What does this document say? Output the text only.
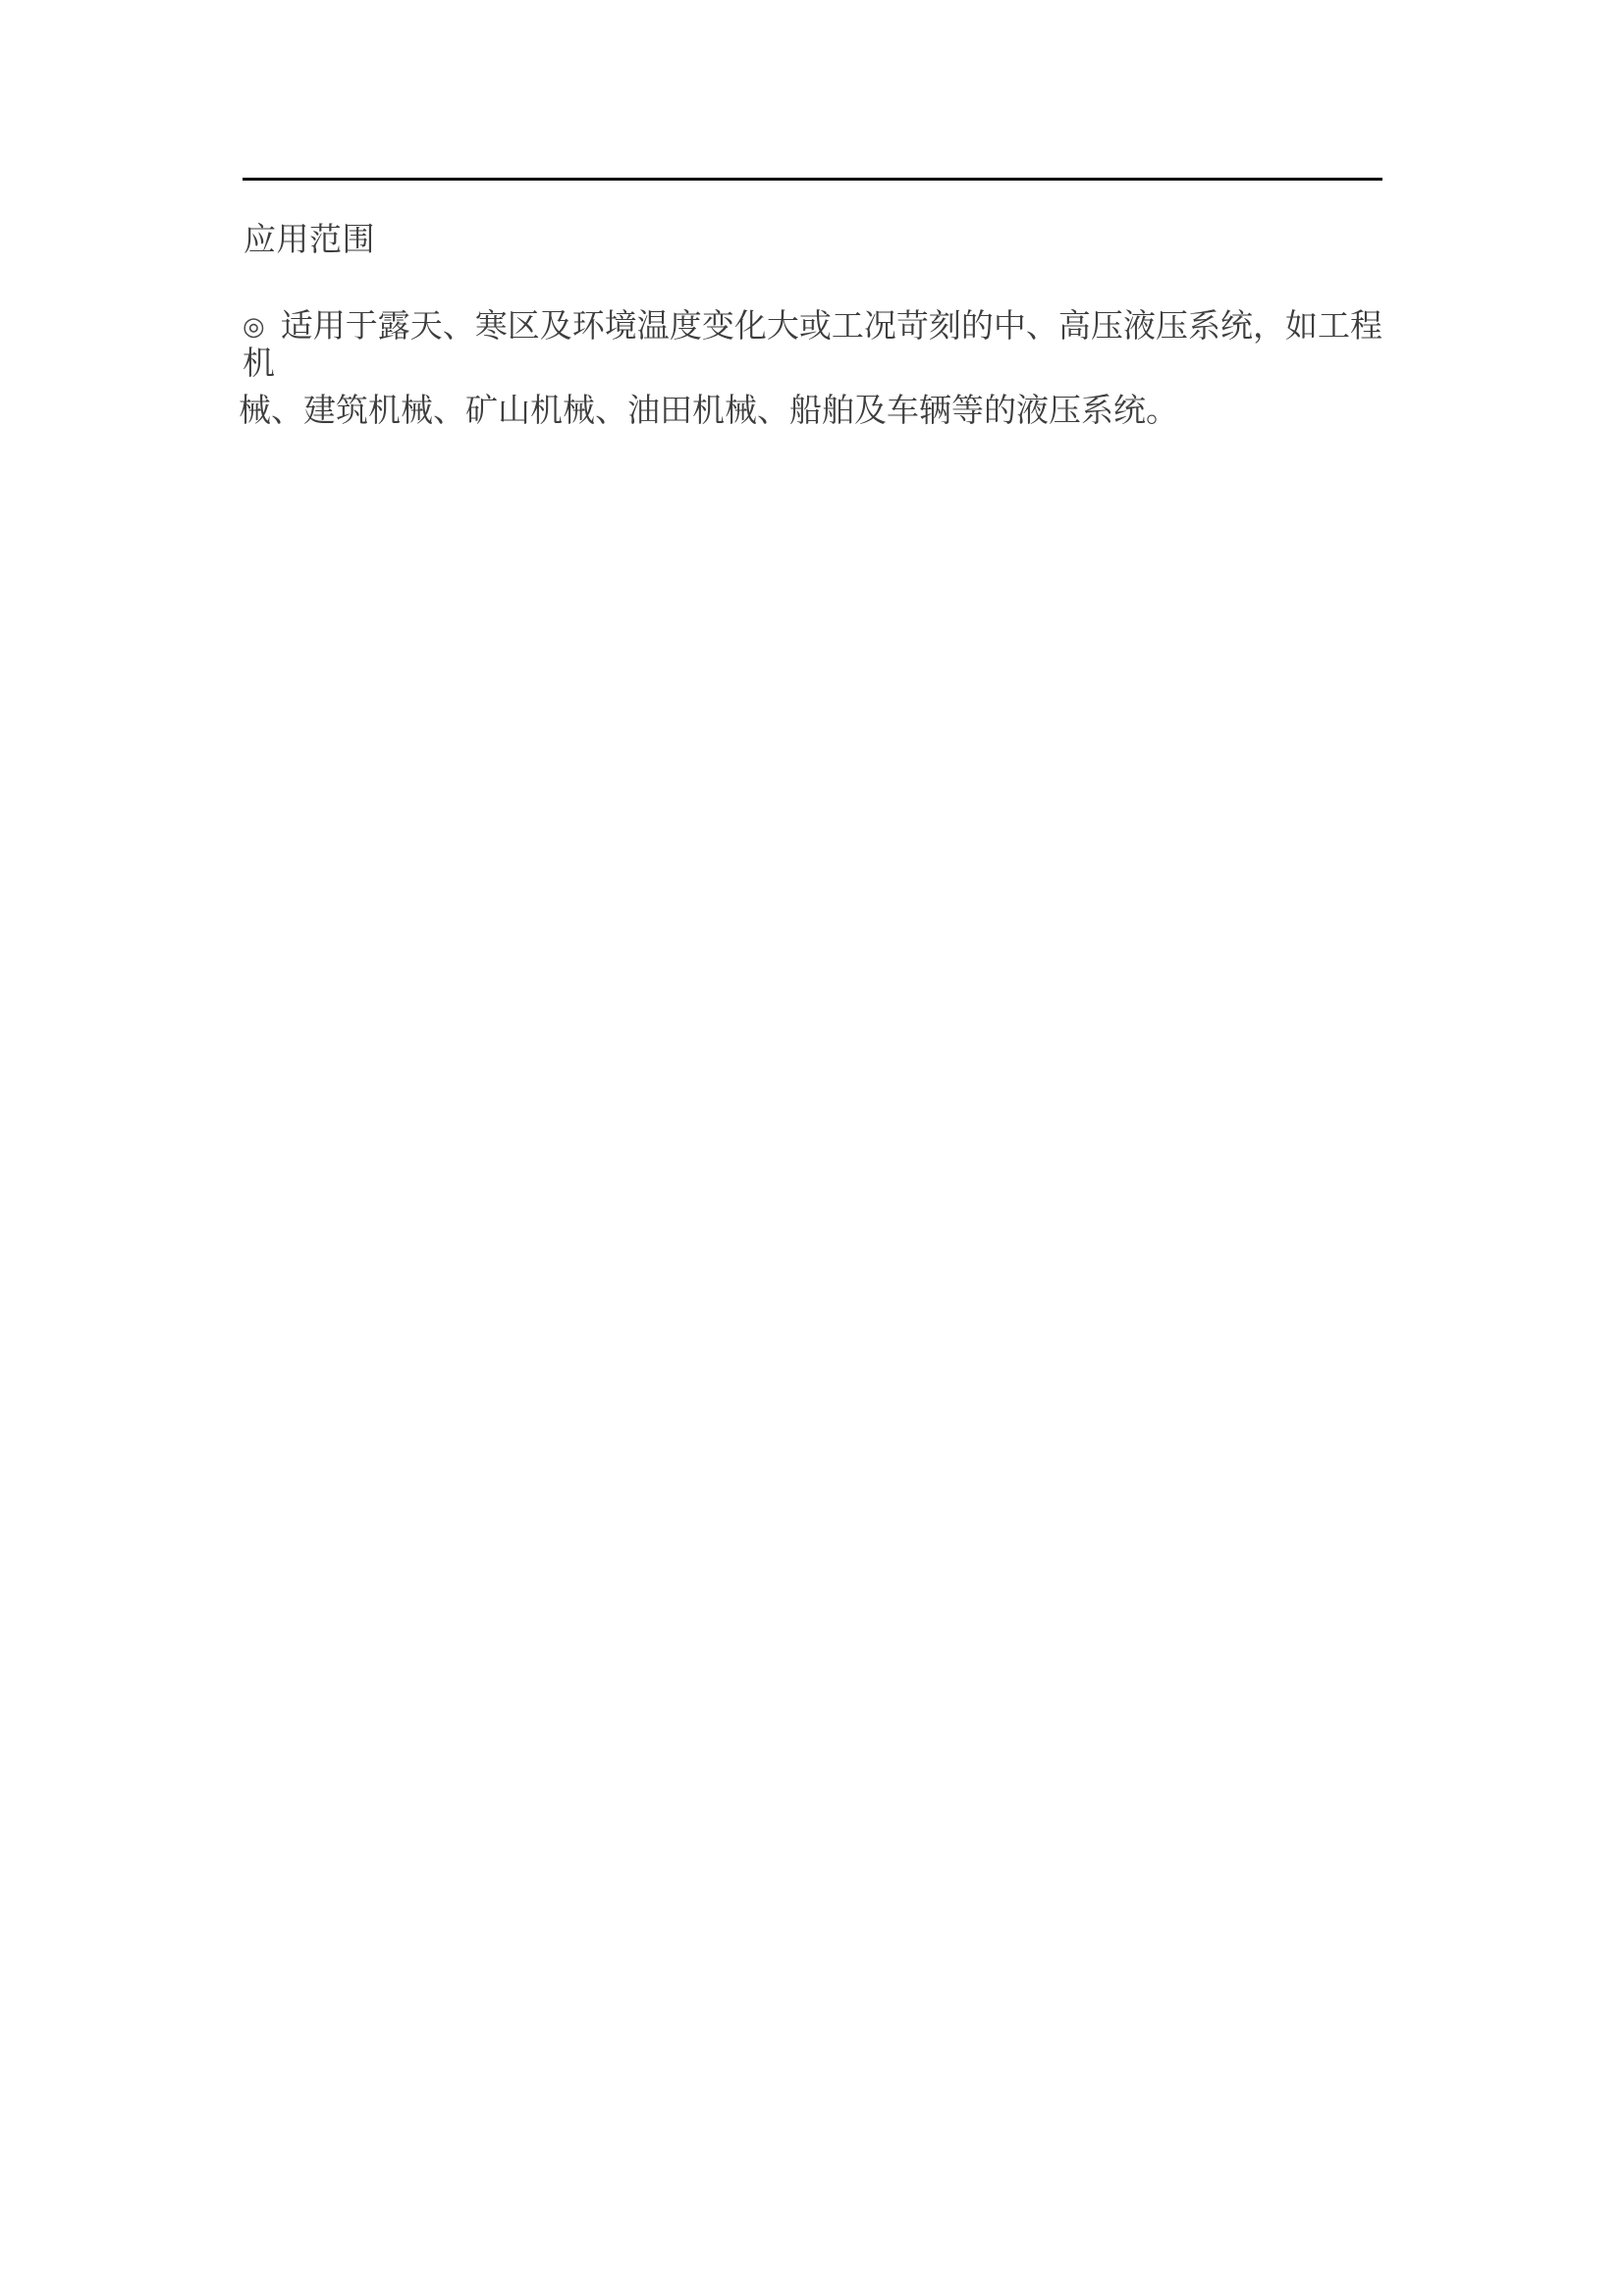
应用范围
◎ 适用于露天、寒区及环境温度变化大或工况苛刻的中、高压液压系统，如工程机
械、建筑机械、矿山机械、油田机械、船舶及车辆等的液压系统。
